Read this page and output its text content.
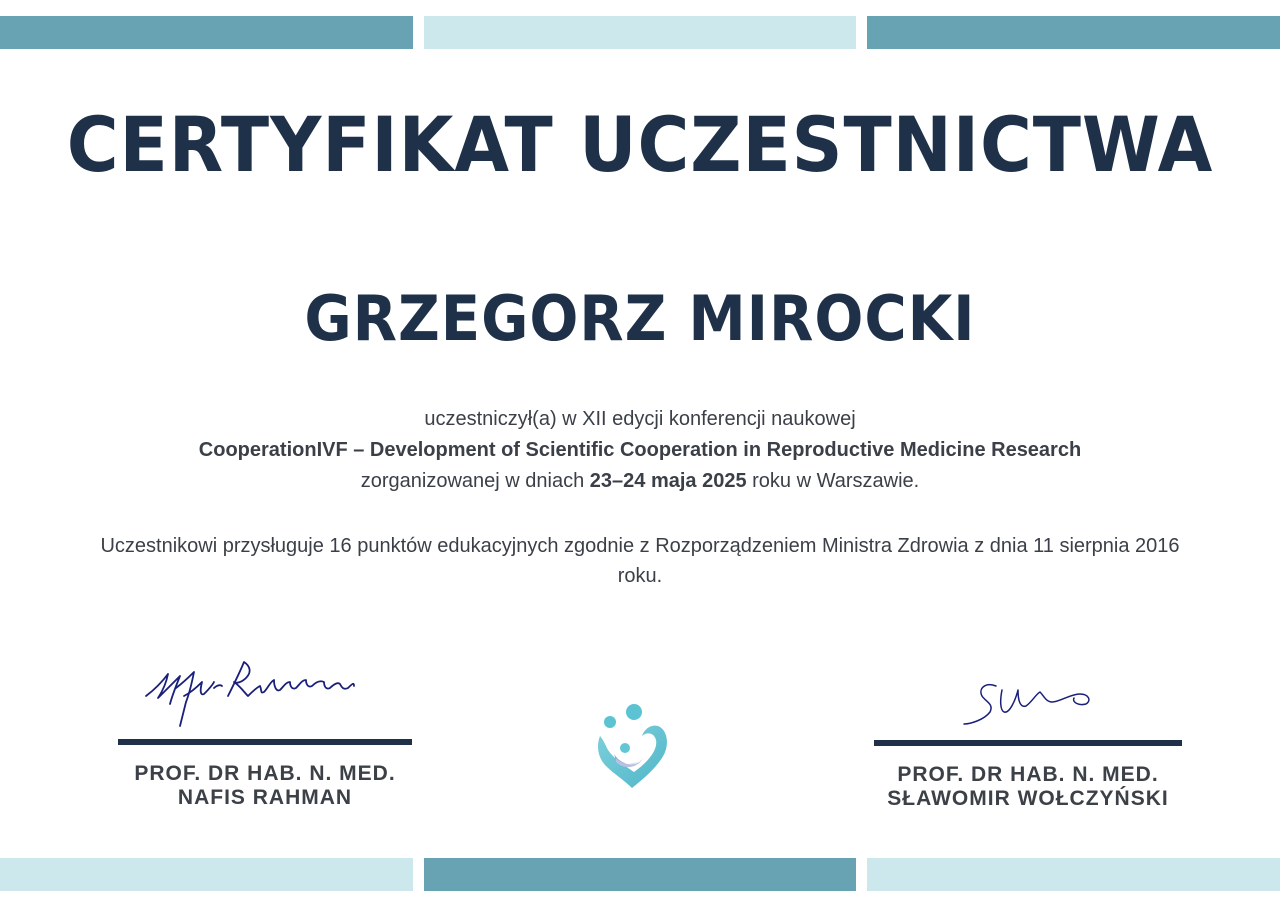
CERTYFIKAT UCZESTNICTWA
GRZEGORZ MIROCKI
uczestniczył(a) w XII edycji konferencji naukowej
CooperationIVF – Development of Scientific Cooperation in Reproductive Medicine Research
zorganizowanej w dniach 23–24 maja 2025 roku w Warszawie.
Uczestnikowi przysługuje 16 punktów edukacyjnych zgodnie z Rozporządzeniem Ministra Zdrowia z dnia 11 sierpnia 2016 roku.
PROF. DR HAB. N. MED.
NAFIS RAHMAN
PROF. DR HAB. N. MED.
SŁAWOMIR WOŁCZYŃSKI
